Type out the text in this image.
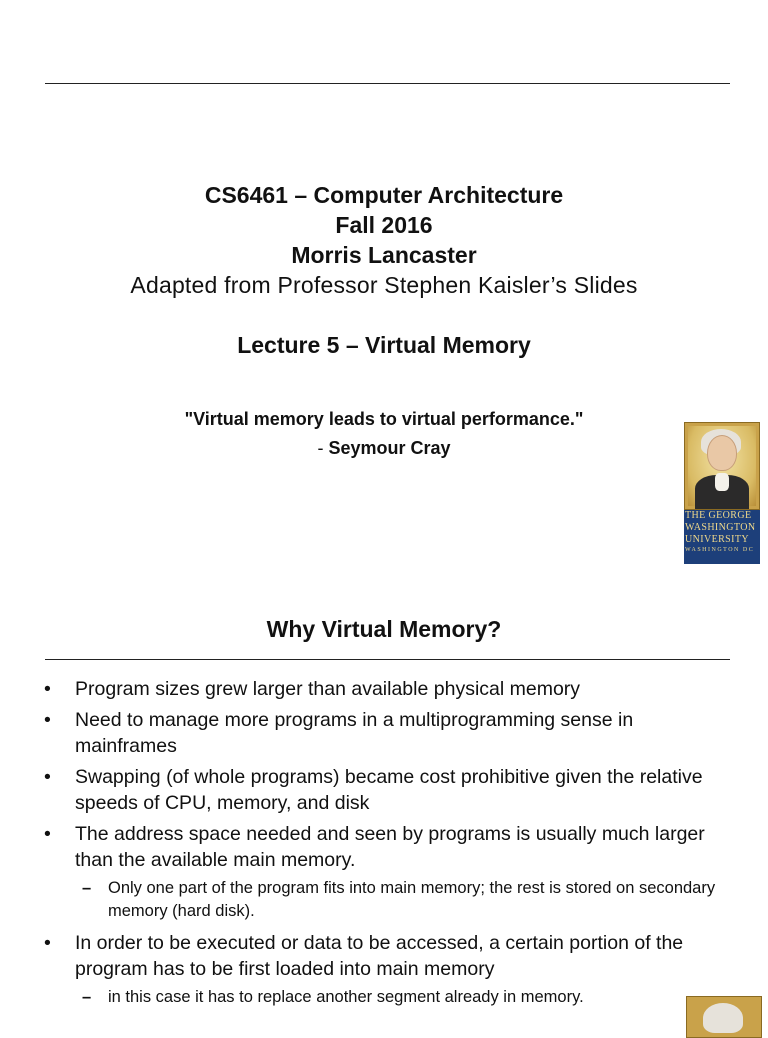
CS6461 – Computer Architecture
Fall 2016
Morris Lancaster
Adapted from Professor Stephen Kaisler’s Slides
Lecture 5 – Virtual Memory
"Virtual memory leads to virtual performance."
- Seymour Cray
THE GEORGE
WASHINGTON
UNIVERSITY
WASHINGTON DC
Why Virtual Memory?
• Program sizes grew larger than available physical memory
• Need to manage more programs in a multiprogramming sense in mainframes
• Swapping (of whole programs) became cost prohibitive given the relative speeds of CPU, memory, and disk
• The address space needed and seen by programs is usually much larger than the available main memory.
– Only one part of the program fits into main memory; the rest is stored on secondary memory (hard disk).
• In order to be executed or data to be accessed, a certain portion of the program has to be first loaded into main memory
– in this case it has to replace another segment already in memory.
